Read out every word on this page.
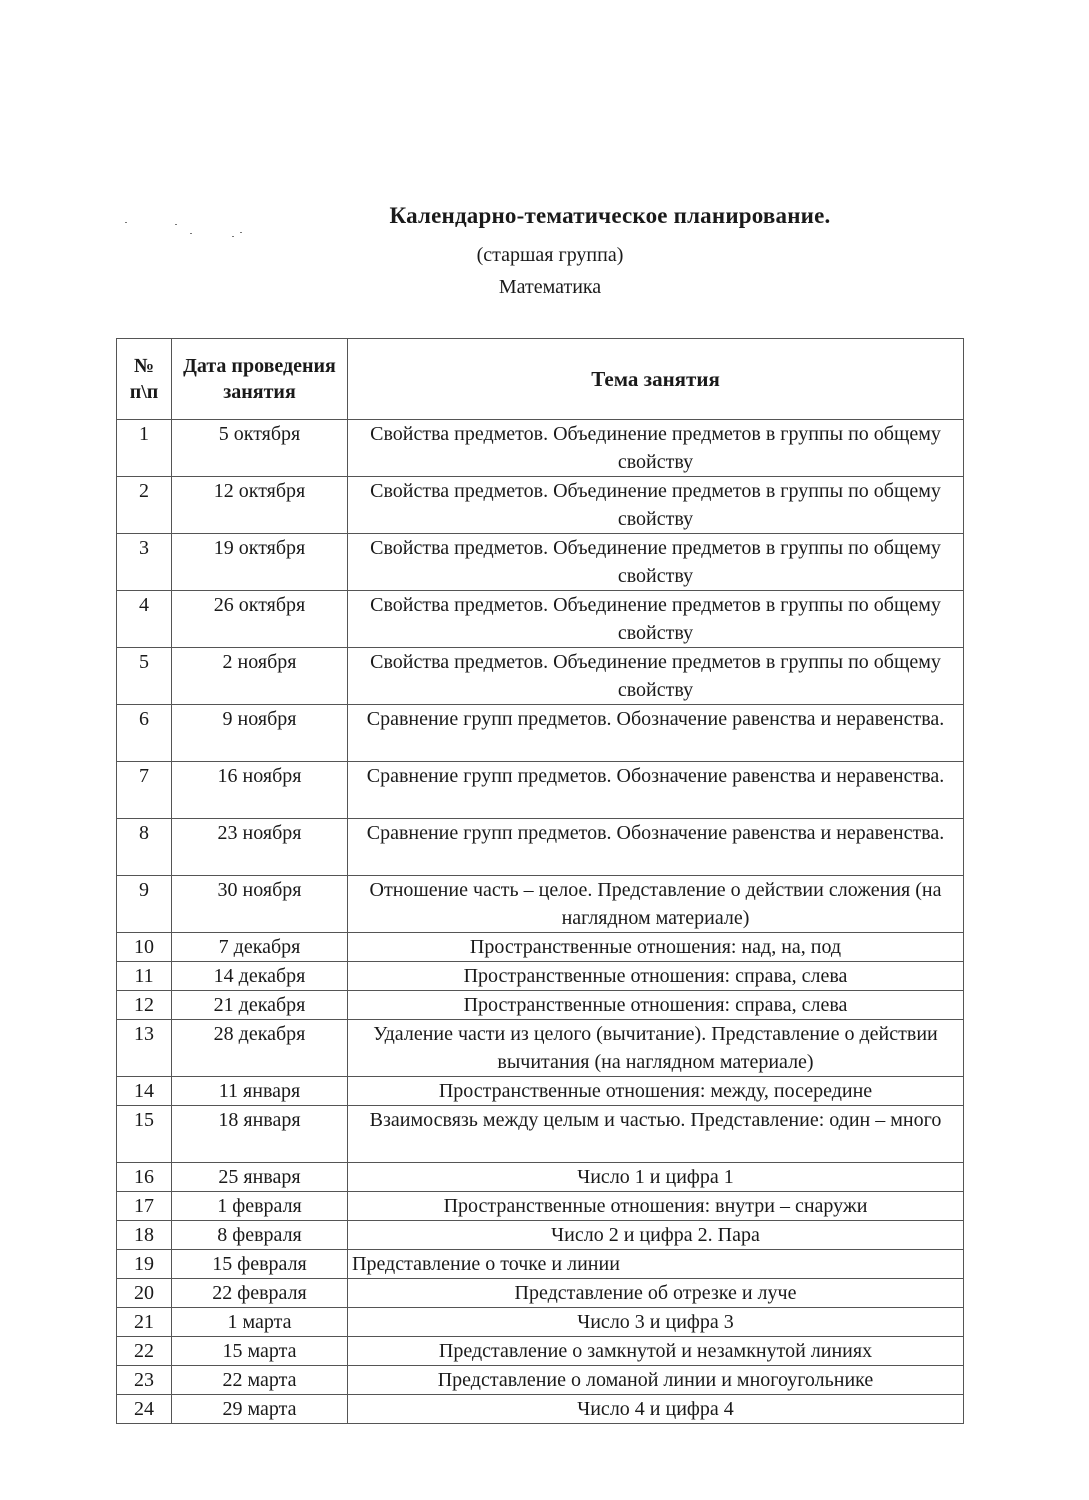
Календарно-тематическое планирование.
(старшая группа)
Математика
№ п\п	Дата проведения занятия	Тема занятия
1	5 октября	Свойства предметов. Объединение предметов в группы по общему свойству
2	12 октября	Свойства предметов. Объединение предметов в группы по общему свойству
3	19 октября	Свойства предметов. Объединение предметов в группы по общему свойству
4	26 октября	Свойства предметов. Объединение предметов в группы по общему свойству
5	2 ноября	Свойства предметов. Объединение предметов в группы по общему свойству
6	9 ноября	Сравнение групп предметов. Обозначение равенства и неравенства.
7	16 ноября	Сравнение групп предметов. Обозначение равенства и неравенства.
8	23 ноября	Сравнение групп предметов. Обозначение равенства и неравенства.
9	30 ноября	Отношение часть – целое. Представление о действии сложения (на наглядном материале)
10	7 декабря	Пространственные отношения: над, на, под
11	14 декабря	Пространственные отношения: справа, слева
12	21 декабря	Пространственные отношения: справа, слева
13	28 декабря	Удаление части из целого (вычитание). Представление о действии вычитания (на наглядном материале)
14	11 января	Пространственные отношения: между, посередине
15	18 января	Взаимосвязь между целым и частью. Представление: один – много
16	25 января	Число 1 и цифра 1
17	1 февраля	Пространственные отношения: внутри – снаружи
18	8 февраля	Число 2 и цифра 2. Пара
19	15 февраля	Представление о точке и линии
20	22 февраля	Представление об отрезке и луче
21	1 марта	Число 3 и цифра 3
22	15 марта	Представление о замкнутой и незамкнутой линиях
23	22 марта	Представление о ломаной линии и многоугольнике
24	29 марта	Число 4 и цифра 4
